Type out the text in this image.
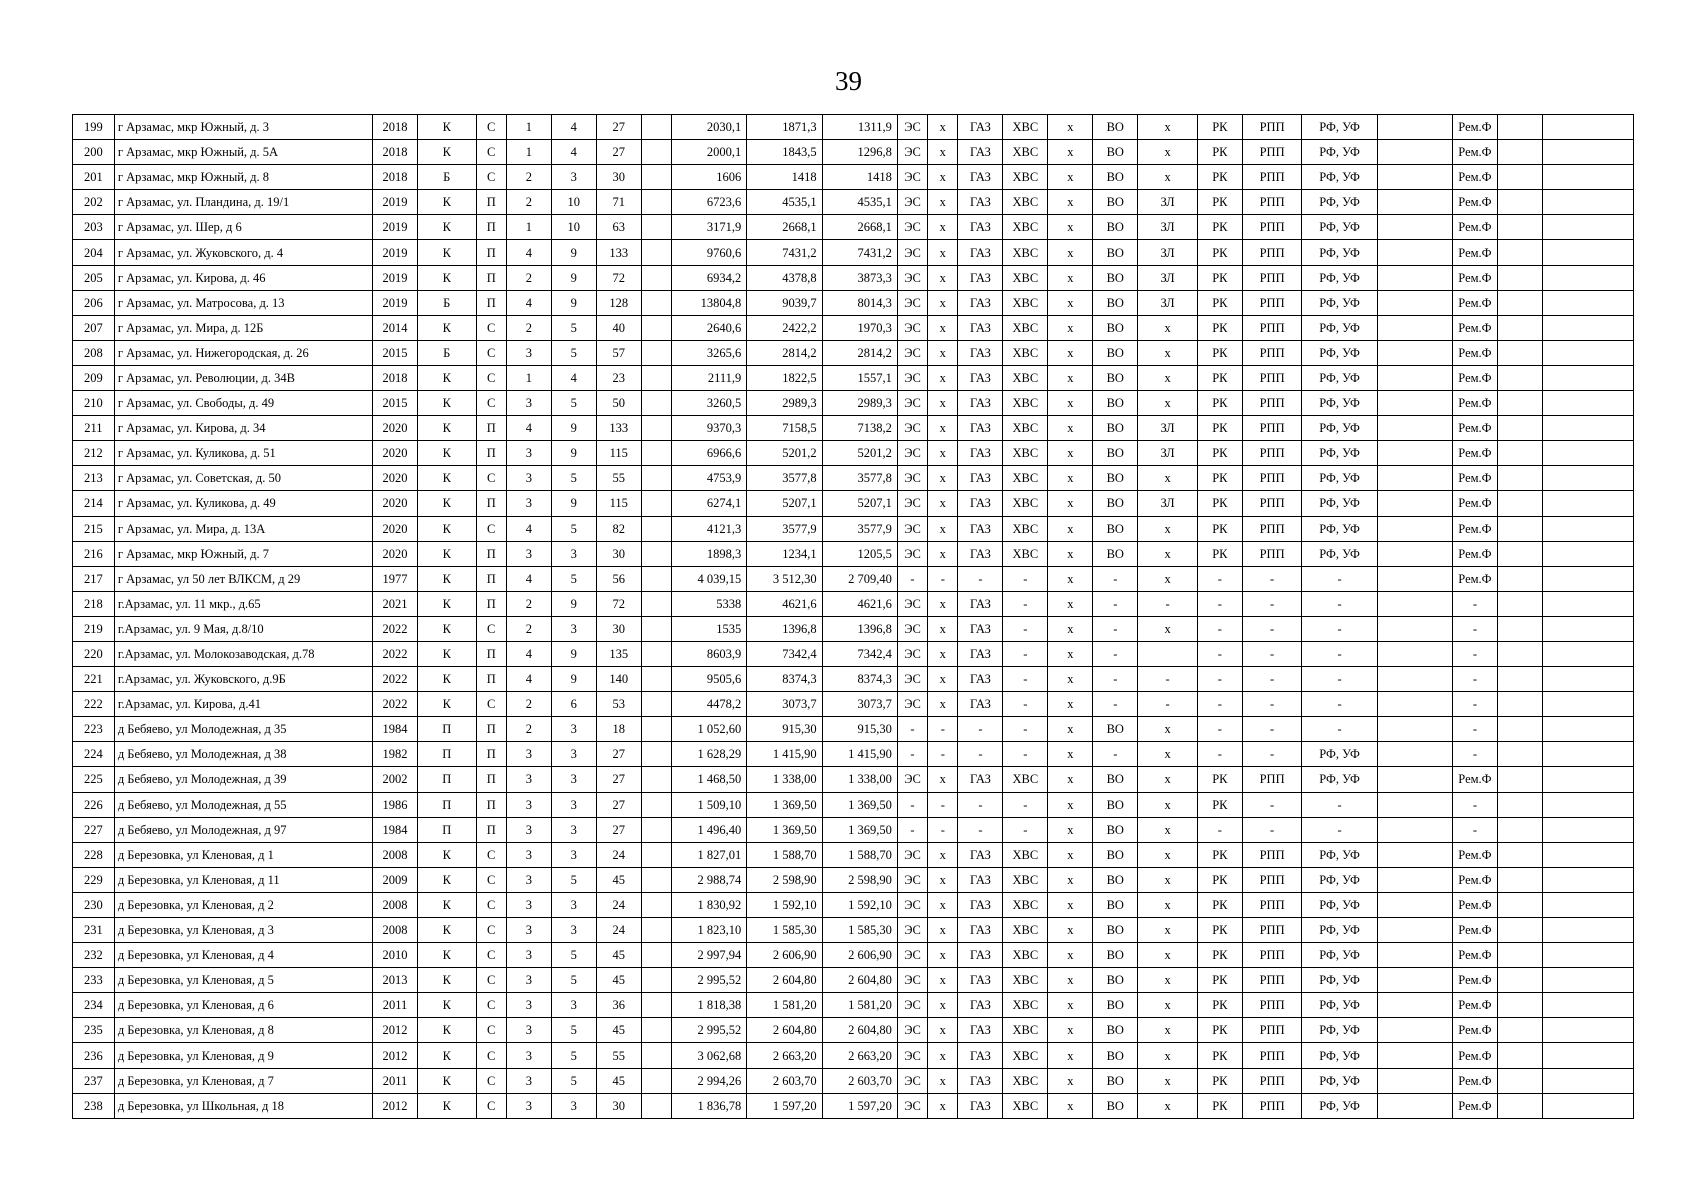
39
199	г Арзамас, мкр Южный, д. 3	2018	К	С	1	4	27		2030,1	1871,3	1311,9	ЭС	х	ГАЗ	ХВС	х	ВО	х	РК	РПП	РФ, УФ		Рем.Ф		
200	г Арзамас, мкр Южный, д. 5А	2018	К	С	1	4	27		2000,1	1843,5	1296,8	ЭС	х	ГАЗ	ХВС	х	ВО	х	РК	РПП	РФ, УФ		Рем.Ф		
201	г Арзамас, мкр Южный, д. 8	2018	Б	С	2	3	30		1606	1418	1418	ЭС	х	ГАЗ	ХВС	х	ВО	х	РК	РПП	РФ, УФ		Рем.Ф		
202	г Арзамас, ул. Пландина, д. 19/1	2019	К	П	2	10	71		6723,6	4535,1	4535,1	ЭС	х	ГАЗ	ХВС	х	ВО	ЗЛ	РК	РПП	РФ, УФ		Рем.Ф		
203	г Арзамас, ул. Шер, д 6	2019	К	П	1	10	63		3171,9	2668,1	2668,1	ЭС	х	ГАЗ	ХВС	х	ВО	ЗЛ	РК	РПП	РФ, УФ		Рем.Ф		
204	г Арзамас, ул. Жуковского, д. 4	2019	К	П	4	9	133		9760,6	7431,2	7431,2	ЭС	х	ГАЗ	ХВС	х	ВО	ЗЛ	РК	РПП	РФ, УФ		Рем.Ф		
205	г Арзамас, ул. Кирова, д. 46	2019	К	П	2	9	72		6934,2	4378,8	3873,3	ЭС	х	ГАЗ	ХВС	х	ВО	ЗЛ	РК	РПП	РФ, УФ		Рем.Ф		
206	г Арзамас, ул. Матросова, д. 13	2019	Б	П	4	9	128		13804,8	9039,7	8014,3	ЭС	х	ГАЗ	ХВС	х	ВО	ЗЛ	РК	РПП	РФ, УФ		Рем.Ф		
207	г Арзамас, ул. Мира, д. 12Б	2014	К	С	2	5	40		2640,6	2422,2	1970,3	ЭС	х	ГАЗ	ХВС	х	ВО	х	РК	РПП	РФ, УФ		Рем.Ф		
208	г Арзамас, ул. Нижегородская, д. 26	2015	Б	С	3	5	57		3265,6	2814,2	2814,2	ЭС	х	ГАЗ	ХВС	х	ВО	х	РК	РПП	РФ, УФ		Рем.Ф		
209	г Арзамас, ул. Революции, д. 34В	2018	К	С	1	4	23		2111,9	1822,5	1557,1	ЭС	х	ГАЗ	ХВС	х	ВО	х	РК	РПП	РФ, УФ		Рем.Ф		
210	г Арзамас, ул. Свободы, д. 49	2015	К	С	3	5	50		3260,5	2989,3	2989,3	ЭС	х	ГАЗ	ХВС	х	ВО	х	РК	РПП	РФ, УФ		Рем.Ф		
211	г Арзамас, ул. Кирова, д. 34	2020	К	П	4	9	133		9370,3	7158,5	7138,2	ЭС	х	ГАЗ	ХВС	х	ВО	ЗЛ	РК	РПП	РФ, УФ		Рем.Ф		
212	г Арзамас, ул. Куликова, д. 51	2020	К	П	3	9	115		6966,6	5201,2	5201,2	ЭС	х	ГАЗ	ХВС	х	ВО	ЗЛ	РК	РПП	РФ, УФ		Рем.Ф		
213	г Арзамас, ул. Советская, д. 50	2020	К	С	3	5	55		4753,9	3577,8	3577,8	ЭС	х	ГАЗ	ХВС	х	ВО	х	РК	РПП	РФ, УФ		Рем.Ф		
214	г Арзамас, ул. Куликова, д. 49	2020	К	П	3	9	115		6274,1	5207,1	5207,1	ЭС	х	ГАЗ	ХВС	х	ВО	ЗЛ	РК	РПП	РФ, УФ		Рем.Ф		
215	г Арзамас, ул. Мира, д. 13А	2020	К	С	4	5	82		4121,3	3577,9	3577,9	ЭС	х	ГАЗ	ХВС	х	ВО	х	РК	РПП	РФ, УФ		Рем.Ф		
216	г Арзамас, мкр Южный, д. 7	2020	К	П	3	3	30		1898,3	1234,1	1205,5	ЭС	х	ГАЗ	ХВС	х	ВО	х	РК	РПП	РФ, УФ		Рем.Ф		
217	г Арзамас, ул 50 лет ВЛКСМ, д 29	1977	К	П	4	5	56		4 039,15	3 512,30	2 709,40	-	-	-	-	х	-	х	-	-	-		Рем.Ф		
218	г.Арзамас, ул. 11 мкр., д.65	2021	К	П	2	9	72		5338	4621,6	4621,6	ЭС	х	ГАЗ	-	х	-	-	-	-	-		-		
219	г.Арзамас, ул. 9 Мая, д.8/10	2022	К	С	2	3	30		1535	1396,8	1396,8	ЭС	х	ГАЗ	-	х	-	х	-	-	-		-		
220	г.Арзамас, ул. Молокозаводская, д.78	2022	К	П	4	9	135		8603,9	7342,4	7342,4	ЭС	х	ГАЗ	-	х	-		-	-	-		-		
221	г.Арзамас, ул. Жуковского, д.9Б	2022	К	П	4	9	140		9505,6	8374,3	8374,3	ЭС	х	ГАЗ	-	х	-	-	-	-	-		-		
222	г.Арзамас, ул. Кирова, д.41	2022	К	С	2	6	53		4478,2	3073,7	3073,7	ЭС	х	ГАЗ	-	х	-	-	-	-	-		-		
223	д Бебяево, ул Молодежная, д 35	1984	П	П	2	3	18		1 052,60	915,30	915,30	-	-	-	-	х	ВО	х	-	-	-		-		
224	д Бебяево, ул Молодежная, д 38	1982	П	П	3	3	27		1 628,29	1 415,90	1 415,90	-	-	-	-	х	-	х	-	-	РФ, УФ		-		
225	д Бебяево, ул Молодежная, д 39	2002	П	П	3	3	27		1 468,50	1 338,00	1 338,00	ЭС	х	ГАЗ	ХВС	х	ВО	х	РК	РПП	РФ, УФ		Рем.Ф		
226	д Бебяево, ул Молодежная, д 55	1986	П	П	3	3	27		1 509,10	1 369,50	1 369,50	-	-	-	-	х	ВО	х	РК	-	-		-		
227	д Бебяево, ул Молодежная, д 97	1984	П	П	3	3	27		1 496,40	1 369,50	1 369,50	-	-	-	-	х	ВО	х	-	-	-		-		
228	д Березовка, ул Кленовая, д 1	2008	К	С	3	3	24		1 827,01	1 588,70	1 588,70	ЭС	х	ГАЗ	ХВС	х	ВО	х	РК	РПП	РФ, УФ		Рем.Ф		
229	д Березовка, ул Кленовая, д 11	2009	К	С	3	5	45		2 988,74	2 598,90	2 598,90	ЭС	х	ГАЗ	ХВС	х	ВО	х	РК	РПП	РФ, УФ		Рем.Ф		
230	д Березовка, ул Кленовая, д 2	2008	К	С	3	3	24		1 830,92	1 592,10	1 592,10	ЭС	х	ГАЗ	ХВС	х	ВО	х	РК	РПП	РФ, УФ		Рем.Ф		
231	д Березовка, ул Кленовая, д 3	2008	К	С	3	3	24		1 823,10	1 585,30	1 585,30	ЭС	х	ГАЗ	ХВС	х	ВО	х	РК	РПП	РФ, УФ		Рем.Ф		
232	д Березовка, ул Кленовая, д 4	2010	К	С	3	5	45		2 997,94	2 606,90	2 606,90	ЭС	х	ГАЗ	ХВС	х	ВО	х	РК	РПП	РФ, УФ		Рем.Ф		
233	д Березовка, ул Кленовая, д 5	2013	К	С	3	5	45		2 995,52	2 604,80	2 604,80	ЭС	х	ГАЗ	ХВС	х	ВО	х	РК	РПП	РФ, УФ		Рем.Ф		
234	д Березовка, ул Кленовая, д 6	2011	К	С	3	3	36		1 818,38	1 581,20	1 581,20	ЭС	х	ГАЗ	ХВС	х	ВО	х	РК	РПП	РФ, УФ		Рем.Ф		
235	д Березовка, ул Кленовая, д 8	2012	К	С	3	5	45		2 995,52	2 604,80	2 604,80	ЭС	х	ГАЗ	ХВС	х	ВО	х	РК	РПП	РФ, УФ		Рем.Ф		
236	д Березовка, ул Кленовая, д 9	2012	К	С	3	5	55		3 062,68	2 663,20	2 663,20	ЭС	х	ГАЗ	ХВС	х	ВО	х	РК	РПП	РФ, УФ		Рем.Ф		
237	д Березовка, ул Кленовая, д 7	2011	К	С	3	5	45		2 994,26	2 603,70	2 603,70	ЭС	х	ГАЗ	ХВС	х	ВО	х	РК	РПП	РФ, УФ		Рем.Ф		
238	д Березовка, ул Школьная, д 18	2012	К	С	3	3	30		1 836,78	1 597,20	1 597,20	ЭС	х	ГАЗ	ХВС	х	ВО	х	РК	РПП	РФ, УФ		Рем.Ф		
